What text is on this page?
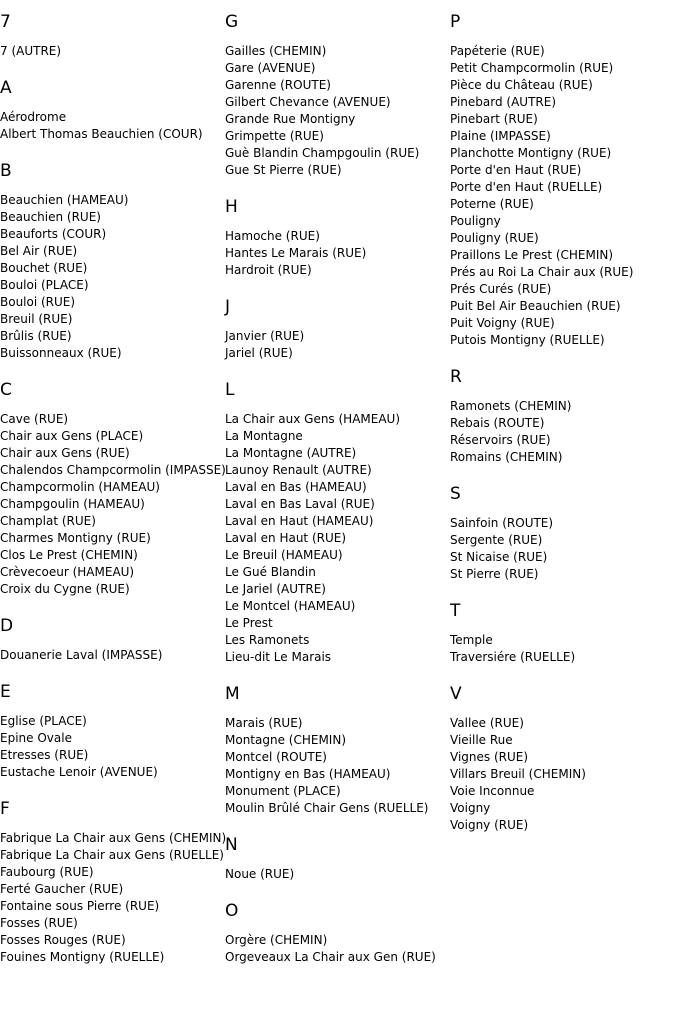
7
7 (AUTRE)
A
Aérodrome
Albert Thomas Beauchien (COUR)
B
Beauchien (HAMEAU)
Beauchien (RUE)
Beauforts (COUR)
Bel Air (RUE)
Bouchet (RUE)
Bouloi (PLACE)
Bouloi (RUE)
Breuil (RUE)
Brûlis (RUE)
Buissonneaux (RUE)
C
Cave (RUE)
Chair aux Gens (PLACE)
Chair aux Gens (RUE)
Chalendos Champcormolin (IMPASSE)
Champcormolin (HAMEAU)
Champgoulin (HAMEAU)
Champlat (RUE)
Charmes Montigny (RUE)
Clos Le Prest (CHEMIN)
Crèvecoeur (HAMEAU)
Croix du Cygne (RUE)
D
Douanerie Laval (IMPASSE)
E
Eglise (PLACE)
Epine Ovale
Etresses (RUE)
Eustache Lenoir (AVENUE)
F
Fabrique La Chair aux Gens (CHEMIN)
Fabrique La Chair aux Gens (RUELLE)
Faubourg (RUE)
Ferté Gaucher (RUE)
Fontaine sous Pierre (RUE)
Fosses (RUE)
Fosses Rouges (RUE)
Fouines Montigny (RUELLE)
G
Gailles (CHEMIN)
Gare (AVENUE)
Garenne (ROUTE)
Gilbert Chevance (AVENUE)
Grande Rue Montigny
Grimpette (RUE)
Guè Blandin Champgoulin (RUE)
Gue St Pierre (RUE)
H
Hamoche (RUE)
Hantes Le Marais (RUE)
Hardroit (RUE)
J
Janvier (RUE)
Jariel (RUE)
L
La Chair aux Gens (HAMEAU)
La Montagne
La Montagne (AUTRE)
Launoy Renault (AUTRE)
Laval en Bas (HAMEAU)
Laval en Bas Laval (RUE)
Laval en Haut (HAMEAU)
Laval en Haut (RUE)
Le Breuil (HAMEAU)
Le Gué Blandin
Le Jariel (AUTRE)
Le Montcel (HAMEAU)
Le Prest
Les Ramonets
Lieu-dit Le Marais
M
Marais (RUE)
Montagne (CHEMIN)
Montcel (ROUTE)
Montigny en Bas (HAMEAU)
Monument (PLACE)
Moulin Brûlé Chair Gens (RUELLE)
N
Noue (RUE)
O
Orgère (CHEMIN)
Orgeveaux La Chair aux Gen (RUE)
P
Papéterie (RUE)
Petit Champcormolin (RUE)
Pièce du Château (RUE)
Pinebard (AUTRE)
Pinebart (RUE)
Plaine (IMPASSE)
Planchotte Montigny (RUE)
Porte d'en Haut (RUE)
Porte d'en Haut (RUELLE)
Poterne (RUE)
Pouligny
Pouligny (RUE)
Praillons Le Prest (CHEMIN)
Prés au Roi La Chair aux (RUE)
Prés Curés (RUE)
Puit Bel Air Beauchien (RUE)
Puit Voigny (RUE)
Putois Montigny (RUELLE)
R
Ramonets (CHEMIN)
Rebais (ROUTE)
Réservoirs (RUE)
Romains (CHEMIN)
S
Sainfoin (ROUTE)
Sergente (RUE)
St Nicaise (RUE)
St Pierre (RUE)
T
Temple
Traversiére (RUELLE)
V
Vallee (RUE)
Vieille Rue
Vignes (RUE)
Villars Breuil (CHEMIN)
Voie Inconnue
Voigny
Voigny (RUE)
